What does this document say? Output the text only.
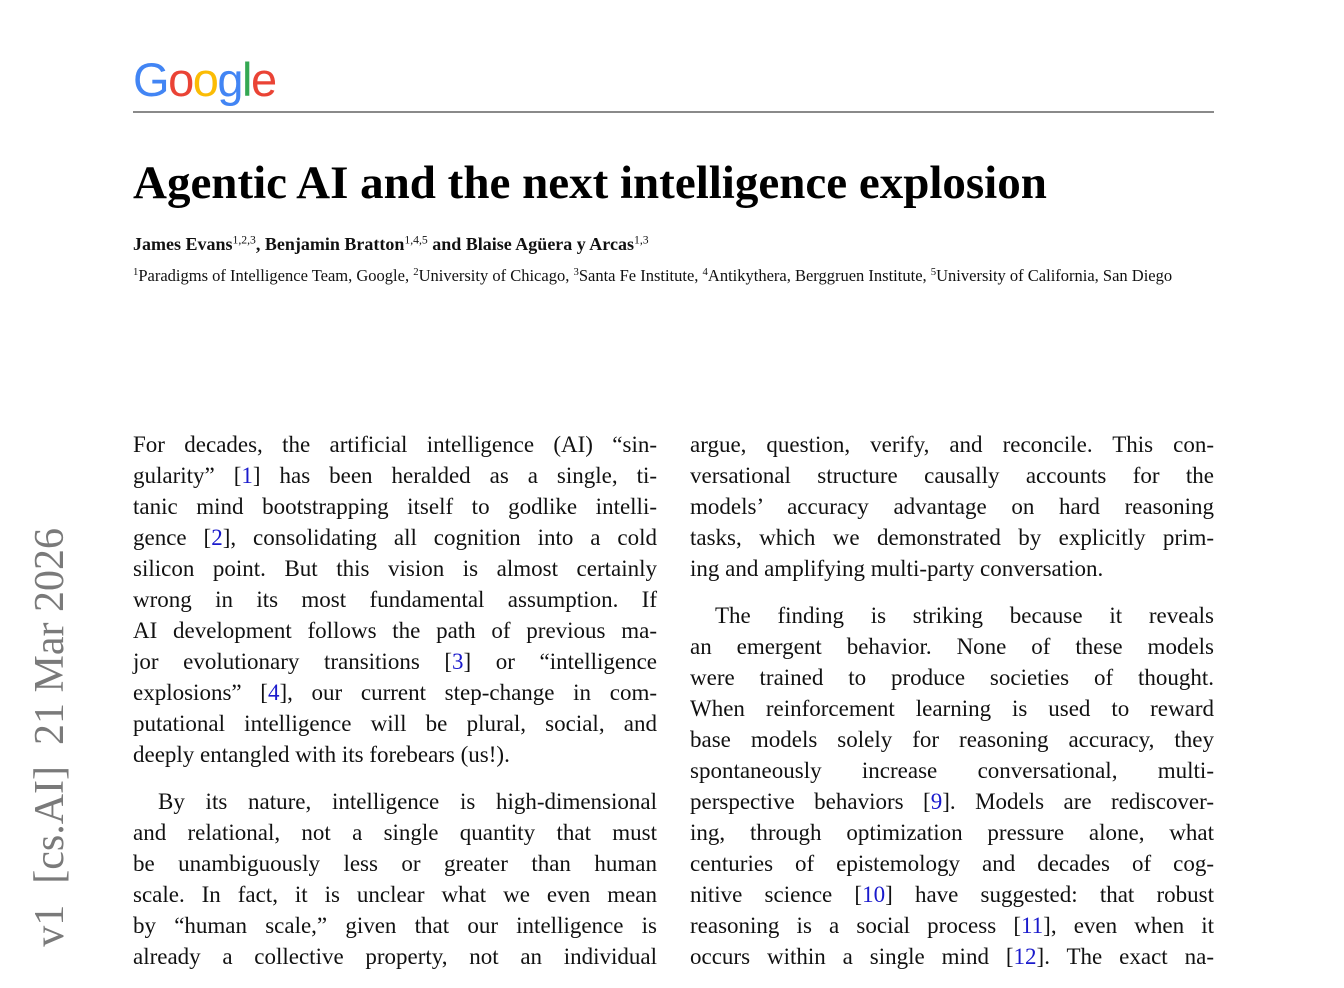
Google
v1  [cs.AI]  21 Mar 2026
Agentic AI and the next intelligence explosion
James Evans$^{1,2,3}$, Benjamin Bratton$^{1,4,5}$ and Blaise Agüera y Arcas$^{1,3}$
$^1$Paradigms of Intelligence Team, Google, $^2$University of Chicago, $^3$Santa Fe Institute, $^4$Antikythera, Berggruen Institute, $^5$University of California, San Diego
For decades, the artificial intelligence (AI) “sin-
gularity” [1] has been heralded as a single, ti-
tanic mind bootstrapping itself to godlike intelli-
gence [2], consolidating all cognition into a cold
silicon point. But this vision is almost certainly
wrong in its most fundamental assumption. If
AI development follows the path of previous ma-
jor evolutionary transitions [3] or “intelligence
explosions” [4], our current step-change in com-
putational intelligence will be plural, social, and
deeply entangled with its forebears (us!).
By its nature, intelligence is high-dimensional
and relational, not a single quantity that must
be unambiguously less or greater than human
scale. In fact, it is unclear what we even mean
by “human scale,” given that our intelligence is
already a collective property, not an individual
argue, question, verify, and reconcile. This con-
versational structure causally accounts for the
models’ accuracy advantage on hard reasoning
tasks, which we demonstrated by explicitly prim-
ing and amplifying multi-party conversation.
The finding is striking because it reveals
an emergent behavior. None of these models
were trained to produce societies of thought.
When reinforcement learning is used to reward
base models solely for reasoning accuracy, they
spontaneously increase conversational, multi-
perspective behaviors [9]. Models are rediscover-
ing, through optimization pressure alone, what
centuries of epistemology and decades of cog-
nitive science [10] have suggested: that robust
reasoning is a social process [11], even when it
occurs within a single mind [12]. The exact na-
